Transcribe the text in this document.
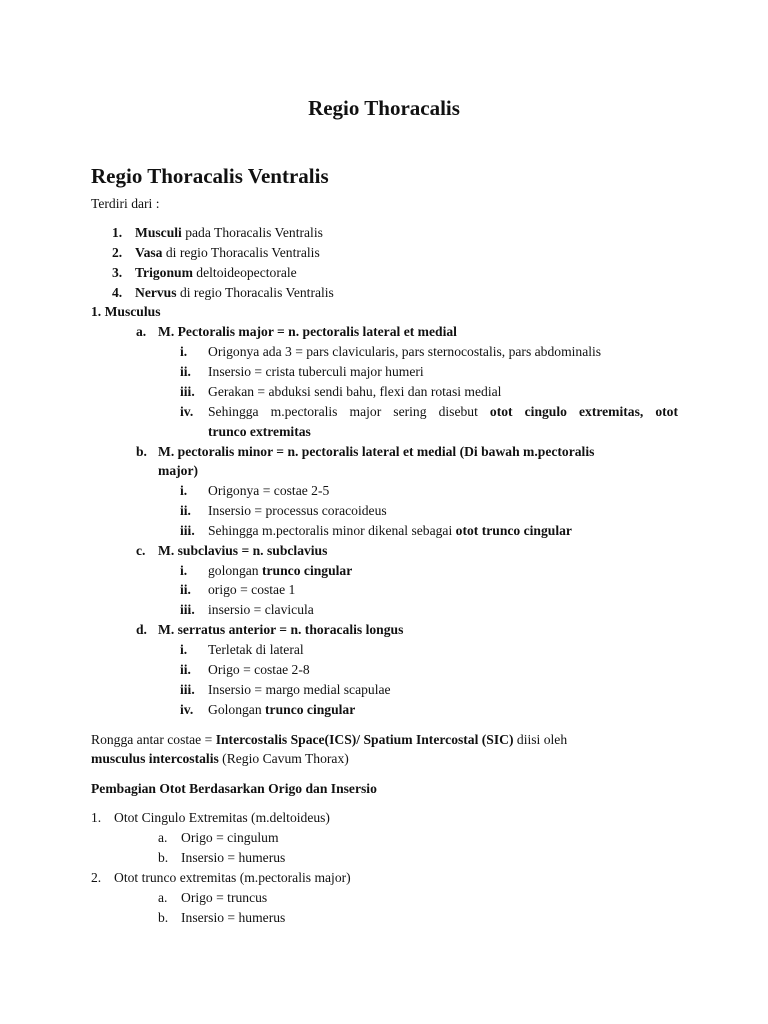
Regio Thoracalis
Regio Thoracalis Ventralis
Terdiri dari :
1. Musculi pada Thoracalis Ventralis
2. Vasa di regio Thoracalis Ventralis
3. Trigonum deltoideopectorale
4. Nervus di regio Thoracalis Ventralis
1. Musculus
a. M. Pectoralis major = n. pectoralis lateral et medial
i. Origonya ada 3 = pars clavicularis, pars sternocostalis, pars abdominalis
ii. Insersio = crista tuberculi major humeri
iii. Gerakan = abduksi sendi bahu, flexi dan rotasi medial
iv. Sehingga m.pectoralis major sering disebut otot cingulo extremitas, otot
trunco extremitas
b. M. pectoralis minor = n. pectoralis lateral et medial (Di bawah m.pectoralis
major)
i. Origonya = costae 2-5
ii. Insersio = processus coracoideus
iii. Sehingga m.pectoralis minor dikenal sebagai otot trunco cingular
c. M. subclavius = n. subclavius
i. golongan trunco cingular
ii. origo = costae 1
iii. insersio = clavicula
d. M. serratus anterior = n. thoracalis longus
i. Terletak di lateral
ii. Origo = costae 2-8
iii. Insersio = margo medial scapulae
iv. Golongan trunco cingular
Rongga antar costae = Intercostalis Space(ICS)/ Spatium Intercostal (SIC) diisi oleh
musculus intercostalis (Regio Cavum Thorax)
Pembagian Otot Berdasarkan Origo dan Insersio
1. Otot Cingulo Extremitas (m.deltoideus)
a. Origo = cingulum
b. Insersio = humerus
2. Otot trunco extremitas (m.pectoralis major)
a. Origo = truncus
b. Insersio = humerus
